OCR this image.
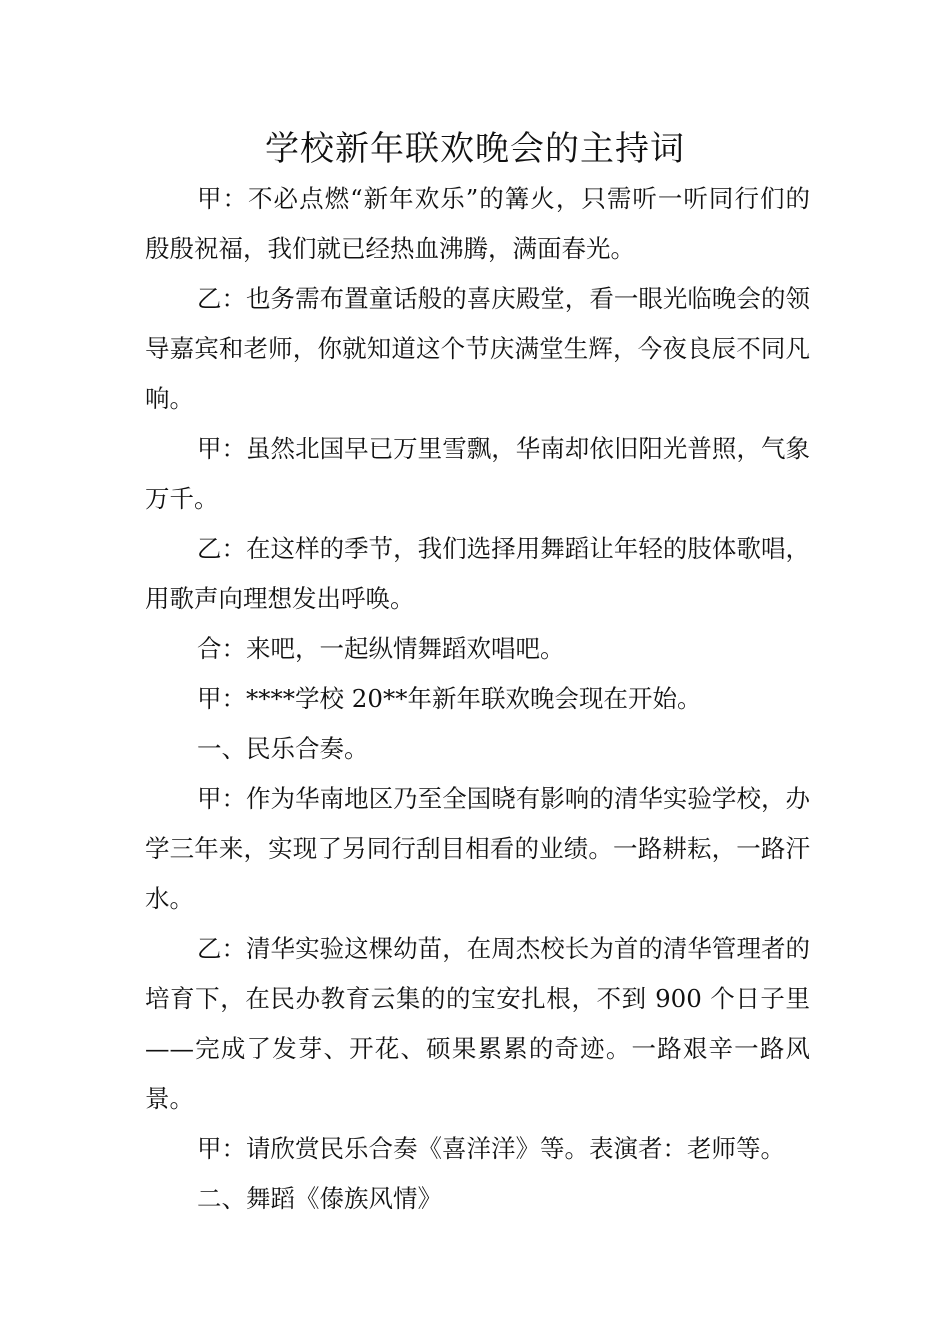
学校新年联欢晚会的主持词

甲：不必点燃“新年欢乐”的篝火，只需听一听同行们的殷殷祝福，我们就已经热血沸腾，满面春光。

乙：也务需布置童话般的喜庆殿堂，看一眼光临晚会的领导嘉宾和老师，你就知道这个节庆满堂生辉，今夜良辰不同凡响。

甲：虽然北国早已万里雪飘，华南却依旧阳光普照，气象万千。

乙：在这样的季节，我们选择用舞蹈让年轻的肢体歌唱，用歌声向理想发出呼唤。

合：来吧，一起纵情舞蹈欢唱吧。

甲：****学校 20**年新年联欢晚会现在开始。

一、民乐合奏。

甲：作为华南地区乃至全国晓有影响的清华实验学校，办学三年来，实现了另同行刮目相看的业绩。一路耕耘，一路汗水。

乙：清华实验这棵幼苗，在周杰校长为首的清华管理者的培育下，在民办教育云集的的宝安扎根，不到 900 个日子里——完成了发芽、开花、硕果累累的奇迹。一路艰辛一路风景。

甲：请欣赏民乐合奏《喜洋洋》等。表演者：老师等。

二、舞蹈《傣族风情》
